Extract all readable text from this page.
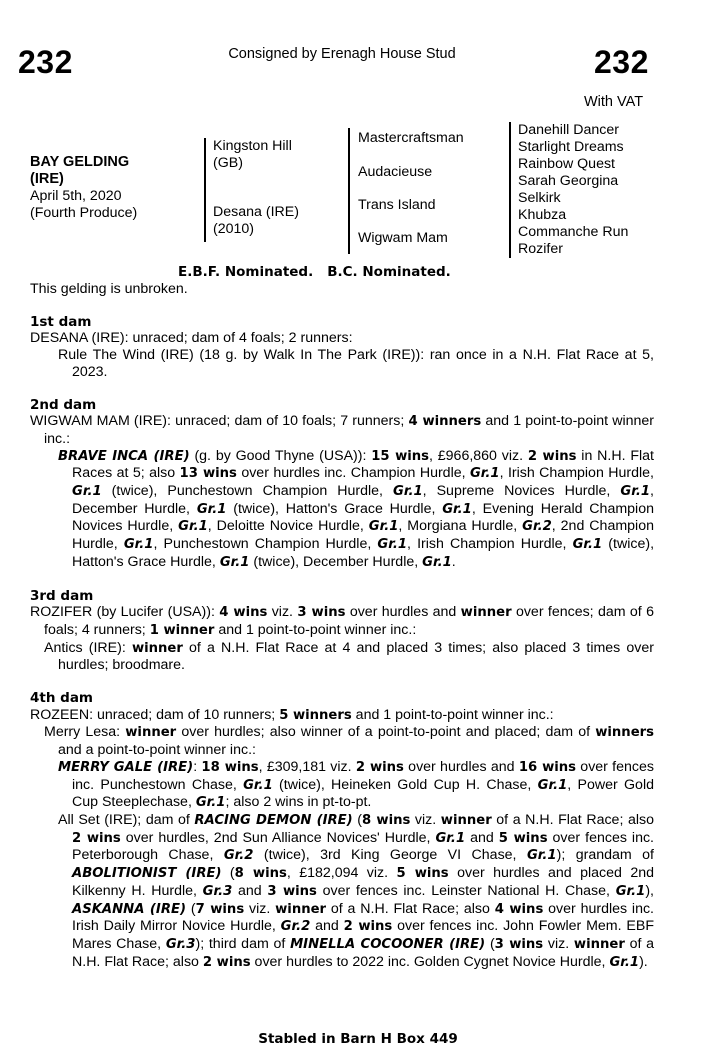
232	Consigned by Erenagh House Stud	232
With VAT
BAY GELDING
(IRE)
April 5th, 2020
(Fourth Produce)
Kingston Hill
(GB)
Desana (IRE)
(2010)
Mastercraftsman
Audacieuse
Trans Island
Wigwam Mam
Danehill Dancer
Starlight Dreams
Rainbow Quest
Sarah Georgina
Selkirk
Khubza
Commanche Run
Rozifer
E.B.F. Nominated. B.C. Nominated.

This gelding is unbroken.

1st dam

DESANA (IRE): unraced; dam of 4 foals; 2 runners:

Rule The Wind (IRE) (18 g. by Walk In The Park (IRE)): ran once in a N.H. Flat Race at 5, 2023.

2nd dam

WIGWAM MAM (IRE): unraced; dam of 10 foals; 7 runners; 4 winners and 1 point-to-point winner inc.:

BRAVE INCA (IRE) (g. by Good Thyne (USA)): 15 wins, £966,860 viz. 2 wins in N.H. Flat Races at 5; also 13 wins over hurdles inc. Champion Hurdle, Gr.1, Irish Champion Hurdle, Gr.1 (twice), Punchestown Champion Hurdle, Gr.1, Supreme Novices Hurdle, Gr.1, December Hurdle, Gr.1 (twice), Hatton's Grace Hurdle, Gr.1, Evening Herald Champion Novices Hurdle, Gr.1, Deloitte Novice Hurdle, Gr.1, Morgiana Hurdle, Gr.2, 2nd Champion Hurdle, Gr.1, Punchestown Champion Hurdle, Gr.1, Irish Champion Hurdle, Gr.1 (twice), Hatton's Grace Hurdle, Gr.1 (twice), December Hurdle, Gr.1.

3rd dam

ROZIFER (by Lucifer (USA)): 4 wins viz. 3 wins over hurdles and winner over fences; dam of 6 foals; 4 runners; 1 winner and 1 point-to-point winner inc.:

Antics (IRE): winner of a N.H. Flat Race at 4 and placed 3 times; also placed 3 times over hurdles; broodmare.

4th dam

ROZEEN: unraced; dam of 10 runners; 5 winners and 1 point-to-point winner inc.:

Merry Lesa: winner over hurdles; also winner of a point-to-point and placed; dam of winners and a point-to-point winner inc.:

MERRY GALE (IRE): 18 wins, £309,181 viz. 2 wins over hurdles and 16 wins over fences inc. Punchestown Chase, Gr.1 (twice), Heineken Gold Cup H. Chase, Gr.1, Power Gold Cup Steeplechase, Gr.1; also 2 wins in pt-to-pt.

All Set (IRE); dam of RACING DEMON (IRE) (8 wins viz. winner of a N.H. Flat Race; also 2 wins over hurdles, 2nd Sun Alliance Novices' Hurdle, Gr.1 and 5 wins over fences inc. Peterborough Chase, Gr.2 (twice), 3rd King George VI Chase, Gr.1); grandam of ABOLITIONIST (IRE) (8 wins, £182,094 viz. 5 wins over hurdles and placed 2nd Kilkenny H. Hurdle, Gr.3 and 3 wins over fences inc. Leinster National H. Chase, Gr.1), ASKANNA (IRE) (7 wins viz. winner of a N.H. Flat Race; also 4 wins over hurdles inc. Irish Daily Mirror Novice Hurdle, Gr.2 and 2 wins over fences inc. John Fowler Mem. EBF Mares Chase, Gr.3); third dam of MINELLA COCOONER (IRE) (3 wins viz. winner of a N.H. Flat Race; also 2 wins over hurdles to 2022 inc. Golden Cygnet Novice Hurdle, Gr.1).

Stabled in Barn H Box 449
